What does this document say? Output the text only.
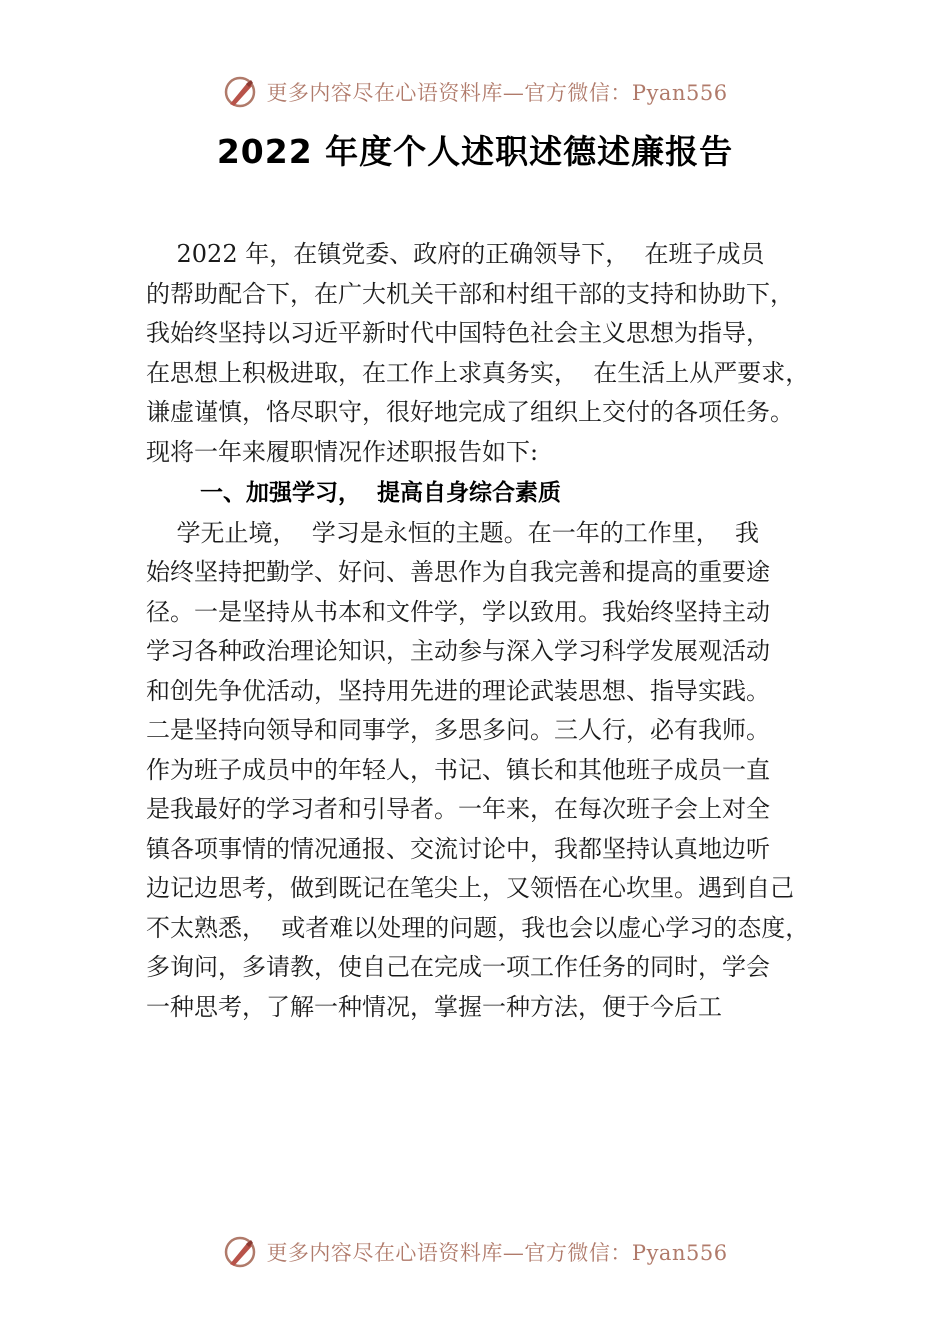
更多内容尽在心语资料库—官方微信：Pyan556
2022 年度个人述职述德述廉报告
2022 年，在镇党委、政府的正确领导下，  在班子成员
的帮助配合下，在广大机关干部和村组干部的支持和协助下，
我始终坚持以习近平新时代中国特色社会主义思想为指导，
在思想上积极进取，在工作上求真务实，  在生活上从严要求，
谦虚谨慎，恪尽职守，很好地完成了组织上交付的各项任务。
现将一年来履职情况作述职报告如下:
一、加强学习，  提高自身综合素质
学无止境，  学习是永恒的主题。在一年的工作里，  我
始终坚持把勤学、好问、善思作为自我完善和提高的重要途
径。一是坚持从书本和文件学，学以致用。我始终坚持主动
学习各种政治理论知识，主动参与深入学习科学发展观活动
和创先争优活动，坚持用先进的理论武装思想、指导实践。
二是坚持向领导和同事学，多思多问。三人行，必有我师。
作为班子成员中的年轻人，书记、镇长和其他班子成员一直
是我最好的学习者和引导者。一年来，在每次班子会上对全
镇各项事情的情况通报、交流讨论中，我都坚持认真地边听
边记边思考，做到既记在笔尖上，又领悟在心坎里。遇到自己
不太熟悉，  或者难以处理的问题，我也会以虚心学习的态度，
多询问，多请教，使自己在完成一项工作任务的同时，学会
一种思考，了解一种情况，掌握一种方法，便于今后工
更多内容尽在心语资料库—官方微信：Pyan556
